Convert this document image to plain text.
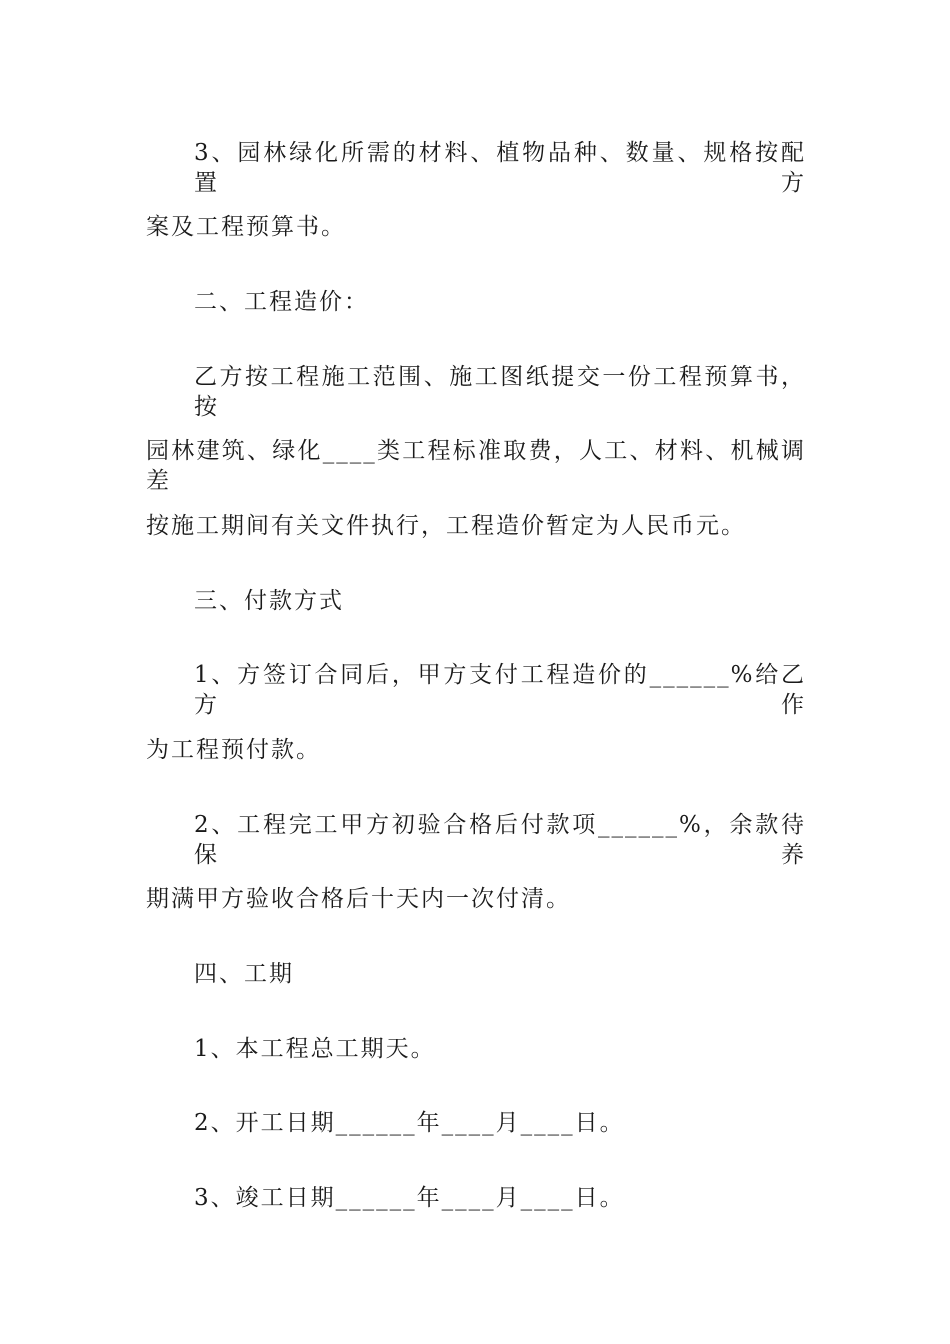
3、园林绿化所需的材料、植物品种、数量、规格按配置方
案及工程预算书。
二、工程造价：
乙方按工程施工范围、施工图纸提交一份工程预算书，按
园林建筑、绿化____类工程标准取费，人工、材料、机械调差
按施工期间有关文件执行，工程造价暂定为人民币元。
三、付款方式
1、方签订合同后，甲方支付工程造价的______%给乙方作
为工程预付款。
2、工程完工甲方初验合格后付款项______%，余款待保养
期满甲方验收合格后十天内一次付清。
四、工期
1、本工程总工期天。
2、开工日期______年____月____日。
3、竣工日期______年____月____日。
